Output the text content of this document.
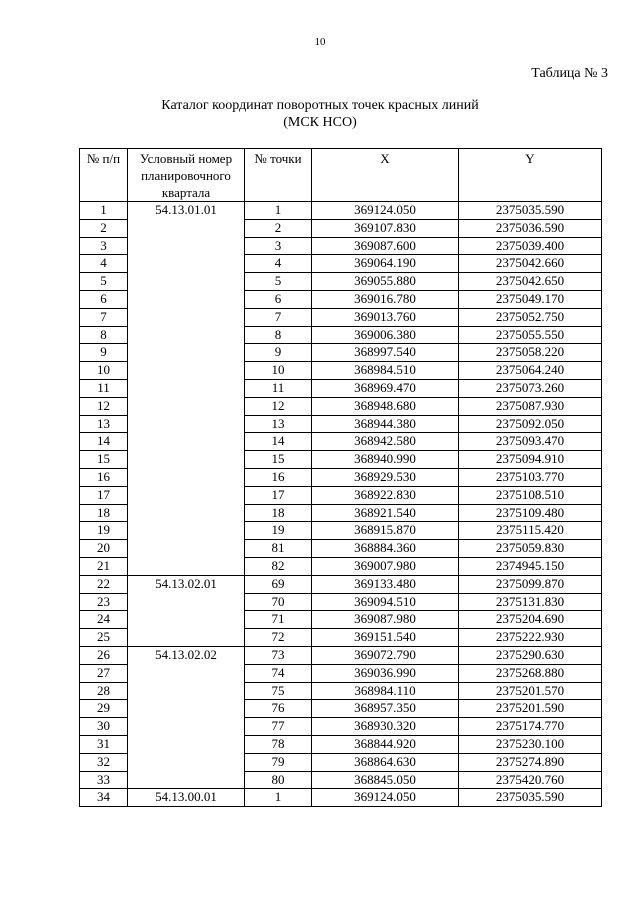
10
Таблица № 3
Каталог координат поворотных точек красных линий
(МСК НСО)
№ п/п	Условный номер планировочного квартала	№ точки	X	Y
1	54.13.01.01	1	369124.050	2375035.590
2		2	369107.830	2375036.590
3		3	369087.600	2375039.400
4		4	369064.190	2375042.660
5		5	369055.880	2375042.650
6		6	369016.780	2375049.170
7		7	369013.760	2375052.750
8		8	369006.380	2375055.550
9		9	368997.540	2375058.220
10		10	368984.510	2375064.240
11		11	368969.470	2375073.260
12		12	368948.680	2375087.930
13		13	368944.380	2375092.050
14		14	368942.580	2375093.470
15		15	368940.990	2375094.910
16		16	368929.530	2375103.770
17		17	368922.830	2375108.510
18		18	368921.540	2375109.480
19		19	368915.870	2375115.420
20		81	368884.360	2375059.830
21		82	369007.980	2374945.150
22	54.13.02.01	69	369133.480	2375099.870
23		70	369094.510	2375131.830
24		71	369087.980	2375204.690
25		72	369151.540	2375222.930
26	54.13.02.02	73	369072.790	2375290.630
27		74	369036.990	2375268.880
28		75	368984.110	2375201.570
29		76	368957.350	2375201.590
30		77	368930.320	2375174.770
31		78	368844.920	2375230.100
32		79	368864.630	2375274.890
33		80	368845.050	2375420.760
34	54.13.00.01	1	369124.050	2375035.590
